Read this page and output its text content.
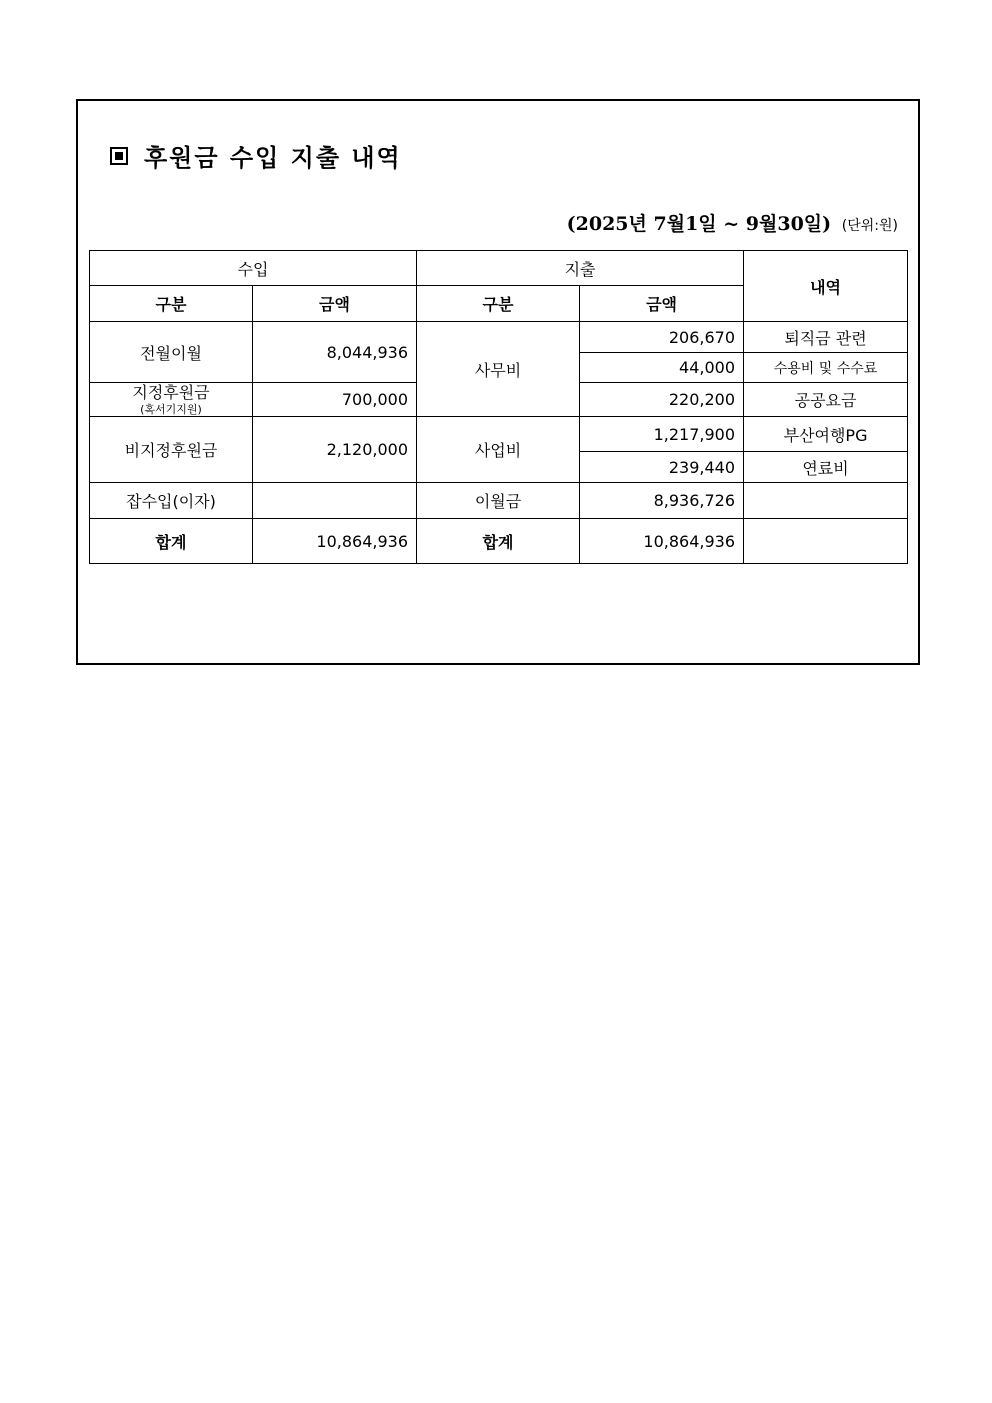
후원금 수입 지출 내역
(2025년 7월1일 ~ 9월30일) (단위:원)
수입		지출		내역
구분	금액	구분	금액	
전월이월	8,044,936	사무비	206,670	퇴직금 관련
			44,000	수용비 및 수수료

지정후원금
(혹서기지원)	700,000		220,200	공공요금
비지정후원금	2,120,000	사업비	1,217,900	부산여행PG
			239,440	연료비
잡수입(이자)		이월금	8,936,726	
합계	10,864,936	합계	10,864,936	
